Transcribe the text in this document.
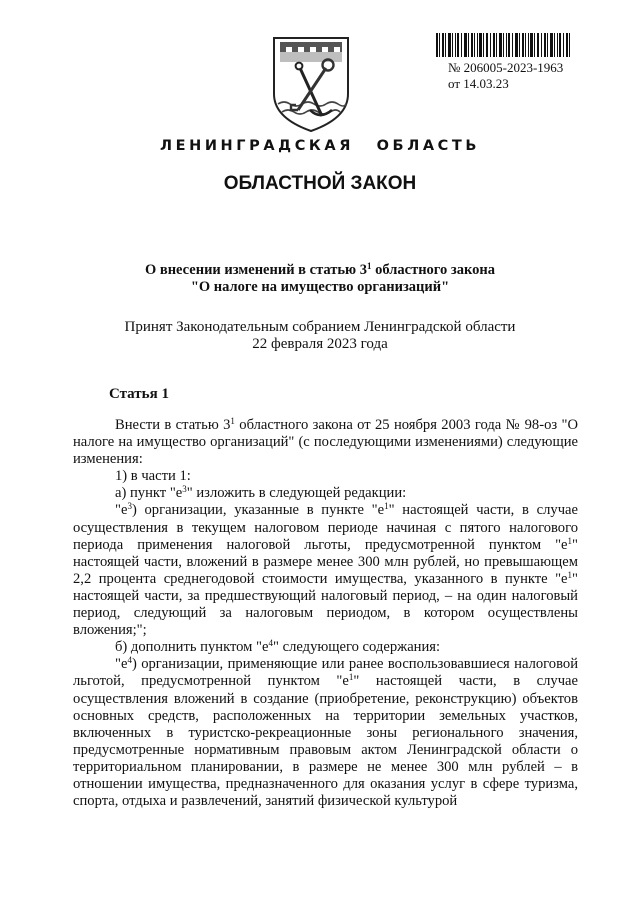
№ 206005-2023-1963
от 14.03.23
ЛЕНИНГРАДСКАЯ ОБЛАСТЬ
ОБЛАСТНОЙ ЗАКОН
О внесении изменений в статью $3^1$ областного закона
"О налоге на имущество организаций"
Принят Законодательным собранием Ленинградской области
22 февраля 2023 года
Статья 1

Внести в статью $3^1$ областного закона от 25 ноября 2003 года № 98-оз "О налоге на имущество организаций" (с последующими изменениями) следующие изменения:

1) в части 1:

а) пункт "$е^3$" изложить в следующей редакции:

"$е^3$) организации, указанные в пункте "$е^1$" настоящей части, в случае осуществления в текущем налоговом периоде начиная с пятого налогового периода применения налоговой льготы, предусмотренной пунктом "$е^1$" настоящей части, вложений в размере менее 300 млн рублей, но превышающем 2,2 процента среднегодовой стоимости имущества, указанного в пункте "$е^1$" настоящей части, за предшествующий налоговый период, – на один налоговый период, следующий за налоговым периодом, в котором осуществлены вложения;";

б) дополнить пунктом "$е^4$" следующего содержания:

"$е^4$) организации, применяющие или ранее воспользовавшиеся налоговой льготой, предусмотренной пунктом "$е^1$" настоящей части, в случае осуществления вложений в создание (приобретение, реконструкцию) объектов основных средств, расположенных на территории земельных участков, включенных в туристско-рекреационные зоны регионального значения, предусмотренные нормативным правовым актом Ленинградской области о территориальном планировании, в размере не менее 300 млн рублей – в отношении имущества, предназначенного для оказания услуг в сфере туризма, спорта, отдыха и развлечений, занятий физической культурой
